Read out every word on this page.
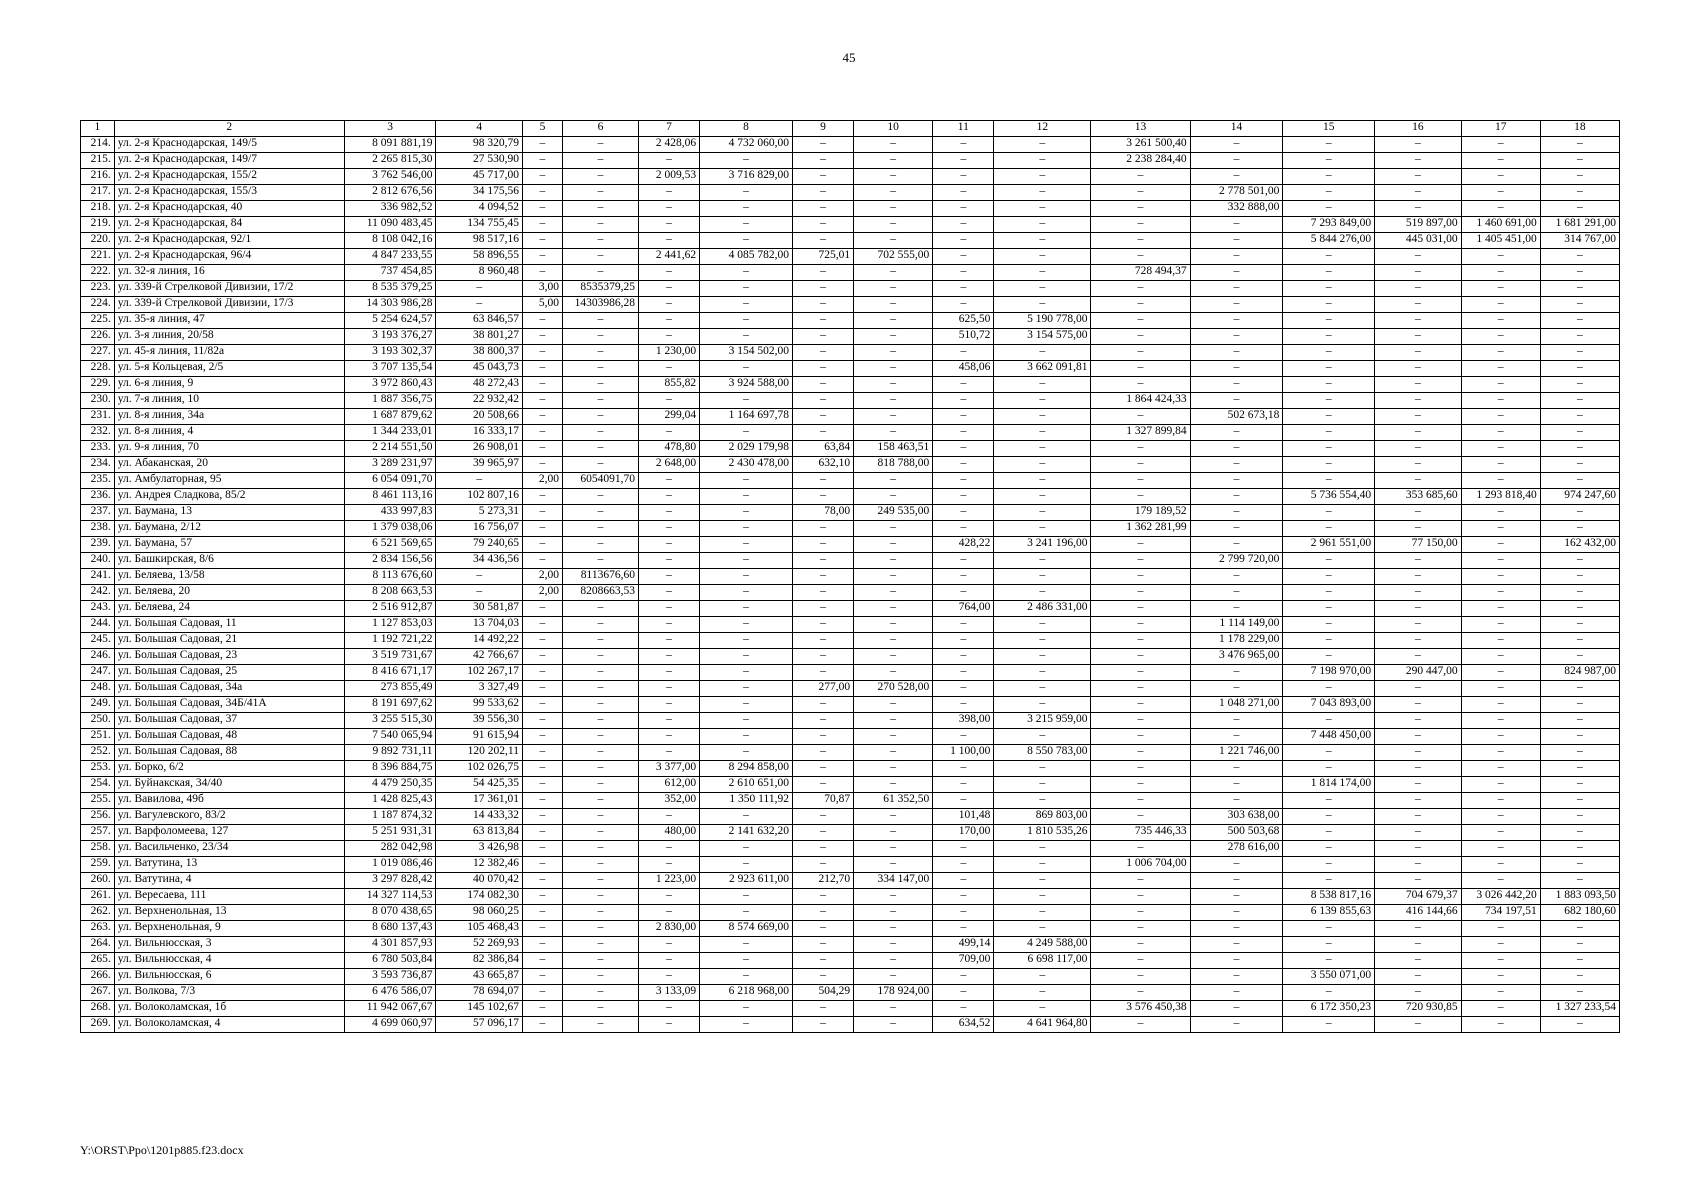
45
1	2	3	4	5	6	7	8	9	10	11	12	13	14	15	16	17	18
214.	ул. 2-я Краснодарская, 149/5	8 091 881,19	98 320,79	–	–	2 428,06	4 732 060,00	–	–	–	–	3 261 500,40	–	–	–	–	–
215.	ул. 2-я Краснодарская, 149/7	2 265 815,30	27 530,90	–	–	–	–	–	–	–	–	2 238 284,40	–	–	–	–	–
216.	ул. 2-я Краснодарская, 155/2	3 762 546,00	45 717,00	–	–	2 009,53	3 716 829,00	–	–	–	–	–	–	–	–	–	–
217.	ул. 2-я Краснодарская, 155/3	2 812 676,56	34 175,56	–	–	–	–	–	–	–	–	–	2 778 501,00	–	–	–	–
218.	ул. 2-я Краснодарская, 40	336 982,52	4 094,52	–	–	–	–	–	–	–	–	–	332 888,00	–	–	–	–
219.	ул. 2-я Краснодарская, 84	11 090 483,45	134 755,45	–	–	–	–	–	–	–	–	–	–	7 293 849,00	519 897,00	1 460 691,00	1 681 291,00
220.	ул. 2-я Краснодарская, 92/1	8 108 042,16	98 517,16	–	–	–	–	–	–	–	–	–	–	5 844 276,00	445 031,00	1 405 451,00	314 767,00
221.	ул. 2-я Краснодарская, 96/4	4 847 233,55	58 896,55	–	–	2 441,62	4 085 782,00	725,01	702 555,00	–	–	–	–	–	–	–	–
222.	ул. 32-я линия, 16	737 454,85	8 960,48	–	–	–	–	–	–	–	–	728 494,37	–	–	–	–	–
223.	ул. 339-й Стрелковой Дивизии, 17/2	8 535 379,25	–	3,00	8535379,25	–	–	–	–	–	–	–	–	–	–	–	–
224.	ул. 339-й Стрелковой Дивизии, 17/3	14 303 986,28	–	5,00	14303986,28	–	–	–	–	–	–	–	–	–	–	–	–
225.	ул. 35-я линия, 47	5 254 624,57	63 846,57	–	–	–	–	–	–	625,50	5 190 778,00	–	–	–	–	–	–
226.	ул. 3-я линия, 20/58	3 193 376,27	38 801,27	–	–	–	–	–	–	510,72	3 154 575,00	–	–	–	–	–	–
227.	ул. 45-я линия, 11/82а	3 193 302,37	38 800,37	–	–	1 230,00	3 154 502,00	–	–	–	–	–	–	–	–	–	–
228.	ул. 5-я Кольцевая, 2/5	3 707 135,54	45 043,73	–	–	–	–	–	–	458,06	3 662 091,81	–	–	–	–	–	–
229.	ул. 6-я линия, 9	3 972 860,43	48 272,43	–	–	855,82	3 924 588,00	–	–	–	–	–	–	–	–	–	–
230.	ул. 7-я линия, 10	1 887 356,75	22 932,42	–	–	–	–	–	–	–	–	1 864 424,33	–	–	–	–	–
231.	ул. 8-я линия, 34а	1 687 879,62	20 508,66	–	–	299,04	1 164 697,78	–	–	–	–	–	502 673,18	–	–	–	–
232.	ул. 8-я линия, 4	1 344 233,01	16 333,17	–	–	–	–	–	–	–	–	1 327 899,84	–	–	–	–	–
233.	ул. 9-я линия, 70	2 214 551,50	26 908,01	–	–	478,80	2 029 179,98	63,84	158 463,51	–	–	–	–	–	–	–	–
234.	ул. Абаканская, 20	3 289 231,97	39 965,97	–	–	2 648,00	2 430 478,00	632,10	818 788,00	–	–	–	–	–	–	–	–
235.	ул. Амбулаторная, 95	6 054 091,70	–	2,00	6054091,70	–	–	–	–	–	–	–	–	–	–	–	–
236.	ул. Андрея Сладкова, 85/2	8 461 113,16	102 807,16	–	–	–	–	–	–	–	–	–	–	5 736 554,40	353 685,60	1 293 818,40	974 247,60
237.	ул. Баумана, 13	433 997,83	5 273,31	–	–	–	–	78,00	249 535,00	–	–	179 189,52	–	–	–	–	–
238.	ул. Баумана, 2/12	1 379 038,06	16 756,07	–	–	–	–	–	–	–	–	1 362 281,99	–	–	–	–	–
239.	ул. Баумана, 57	6 521 569,65	79 240,65	–	–	–	–	–	–	428,22	3 241 196,00	–	–	2 961 551,00	77 150,00	–	162 432,00
240.	ул. Башкирская, 8/6	2 834 156,56	34 436,56	–	–	–	–	–	–	–	–	–	2 799 720,00	–	–	–	–
241.	ул. Беляева, 13/58	8 113 676,60	–	2,00	8113676,60	–	–	–	–	–	–	–	–	–	–	–	–
242.	ул. Беляева, 20	8 208 663,53	–	2,00	8208663,53	–	–	–	–	–	–	–	–	–	–	–	–
243.	ул. Беляева, 24	2 516 912,87	30 581,87	–	–	–	–	–	–	764,00	2 486 331,00	–	–	–	–	–	–
244.	ул. Большая Садовая, 11	1 127 853,03	13 704,03	–	–	–	–	–	–	–	–	–	1 114 149,00	–	–	–	–
245.	ул. Большая Садовая, 21	1 192 721,22	14 492,22	–	–	–	–	–	–	–	–	–	1 178 229,00	–	–	–	–
246.	ул. Большая Садовая, 23	3 519 731,67	42 766,67	–	–	–	–	–	–	–	–	–	3 476 965,00	–	–	–	–
247.	ул. Большая Садовая, 25	8 416 671,17	102 267,17	–	–	–	–	–	–	–	–	–	–	7 198 970,00	290 447,00	–	824 987,00
248.	ул. Большая Садовая, 34а	273 855,49	3 327,49	–	–	–	–	277,00	270 528,00	–	–	–	–	–	–	–	–
249.	ул. Большая Садовая, 34Б/41А	8 191 697,62	99 533,62	–	–	–	–	–	–	–	–	–	1 048 271,00	7 043 893,00	–	–	–
250.	ул. Большая Садовая, 37	3 255 515,30	39 556,30	–	–	–	–	–	–	398,00	3 215 959,00	–	–	–	–	–	–
251.	ул. Большая Садовая, 48	7 540 065,94	91 615,94	–	–	–	–	–	–	–	–	–	–	7 448 450,00	–	–	–
252.	ул. Большая Садовая, 88	9 892 731,11	120 202,11	–	–	–	–	–	–	1 100,00	8 550 783,00	–	1 221 746,00	–	–	–	–
253.	ул. Борко, 6/2	8 396 884,75	102 026,75	–	–	3 377,00	8 294 858,00	–	–	–	–	–	–	–	–	–	–
254.	ул. Буйнакская, 34/40	4 479 250,35	54 425,35	–	–	612,00	2 610 651,00	–	–	–	–	–	–	1 814 174,00	–	–	–
255.	ул. Вавилова, 49б	1 428 825,43	17 361,01	–	–	352,00	1 350 111,92	70,87	61 352,50	–	–	–	–	–	–	–	–
256.	ул. Вагулевского, 83/2	1 187 874,32	14 433,32	–	–	–	–	–	–	101,48	869 803,00	–	303 638,00	–	–	–	–
257.	ул. Варфоломеева, 127	5 251 931,31	63 813,84	–	–	480,00	2 141 632,20	–	–	170,00	1 810 535,26	735 446,33	500 503,68	–	–	–	–
258.	ул. Васильченко, 23/34	282 042,98	3 426,98	–	–	–	–	–	–	–	–	–	278 616,00	–	–	–	–
259.	ул. Ватутина, 13	1 019 086,46	12 382,46	–	–	–	–	–	–	–	–	1 006 704,00	–	–	–	–	–
260.	ул. Ватутина, 4	3 297 828,42	40 070,42	–	–	1 223,00	2 923 611,00	212,70	334 147,00	–	–	–	–	–	–	–	–
261.	ул. Вересаева, 111	14 327 114,53	174 082,30	–	–	–	–	–	–	–	–	–	–	8 538 817,16	704 679,37	3 026 442,20	1 883 093,50
262.	ул. Верхненольная, 13	8 070 438,65	98 060,25	–	–	–	–	–	–	–	–	–	–	6 139 855,63	416 144,66	734 197,51	682 180,60
263.	ул. Верхненольная, 9	8 680 137,43	105 468,43	–	–	2 830,00	8 574 669,00	–	–	–	–	–	–	–	–	–	–
264.	ул. Вильнюсская, 3	4 301 857,93	52 269,93	–	–	–	–	–	–	499,14	4 249 588,00	–	–	–	–	–	–
265.	ул. Вильнюсская, 4	6 780 503,84	82 386,84	–	–	–	–	–	–	709,00	6 698 117,00	–	–	–	–	–	–
266.	ул. Вильнюсская, 6	3 593 736,87	43 665,87	–	–	–	–	–	–	–	–	–	–	3 550 071,00	–	–	–
267.	ул. Волкова, 7/3	6 476 586,07	78 694,07	–	–	3 133,09	6 218 968,00	504,29	178 924,00	–	–	–	–	–	–	–	–
268.	ул. Волоколамская, 1б	11 942 067,67	145 102,67	–	–	–	–	–	–	–	–	3 576 450,38	–	6 172 350,23	720 930,85	–	1 327 233,54
269.	ул. Волоколамская, 4	4 699 060,97	57 096,17	–	–	–	–	–	–	634,52	4 641 964,80	–	–	–	–	–	–
Y:\ORST\Ppo\1201p885.f23.docx
